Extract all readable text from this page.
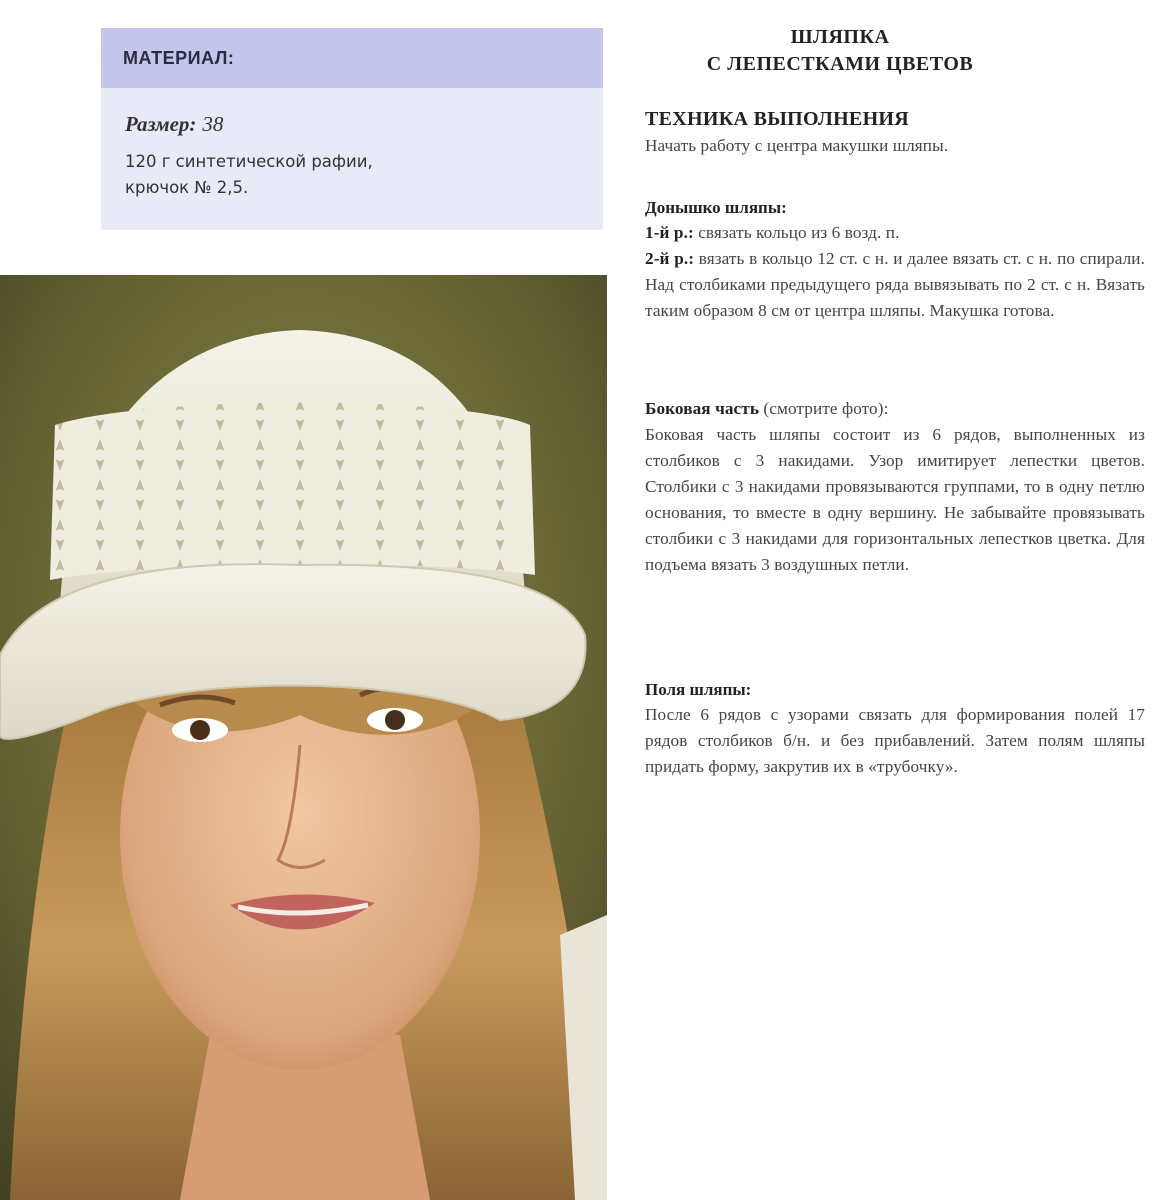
МАТЕРИАЛ:
Размер: 38
120 г синтетической рафии,
крючок № 2,5.
ШЛЯПКА
С ЛЕПЕСТКАМИ ЦВЕТОВ
ТЕХНИКА ВЫПОЛНЕНИЯ
Начать работу с центра макушки шляпы.
Донышко шляпы:
1-й р.: связать кольцо из 6 возд. п.
2-й р.: вязать в кольцо 12 ст. с н. и далее вязать ст. с н. по спирали. Над столбиками предыдущего ряда вывязывать по 2 ст. с н. Вязать таким образом 8 см от центра шляпы. Макушка готова.
Боковая часть (смотрите фото):
Боковая часть шляпы состоит из 6 рядов, выполненных из столбиков с 3 накидами. Узор имитирует лепестки цветов. Столбики с 3 накидами провязываются группами, то в одну петлю основания, то вместе в одну вершину. Не забывайте провязывать столбики с 3 накидами для горизонтальных лепестков цветка. Для подъема вязать 3 воздушных петли.
Поля шляпы:
После 6 рядов с узорами связать для формирования полей 17 рядов столбиков б/н. и без прибавлений. Затем полям шляпы придать форму, закрутив их в «трубочку».
